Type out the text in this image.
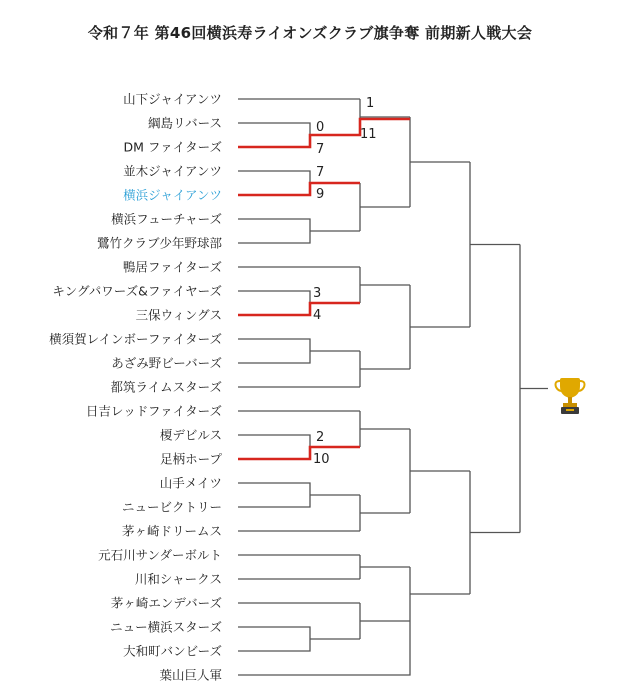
令和７年 第46回横浜寿ライオンズクラブ旗争奪 前期新人戦大会
山下ジャイアンツ
綱島リバース
DM ファイターズ
並木ジャイアンツ
横浜ジャイアンツ
横浜フューチャーズ
鷺竹クラブ少年野球部
鴨居ファイターズ
キングパワーズ&ファイヤーズ
三保ウィングス
横須賀レインボーファイターズ
あざみ野ビーバーズ
都筑ライムスターズ
日吉レッドファイターズ
榎デビルス
足柄ホープ
山手メイツ
ニュービクトリー
茅ヶ崎ドリームス
元石川サンダーボルト
川和シャークス
茅ヶ崎エンデバーズ
ニュー横浜スターズ
大和町バンビーズ
葉山巨人軍
1
11
0
7
7
9
3
4
2
10
